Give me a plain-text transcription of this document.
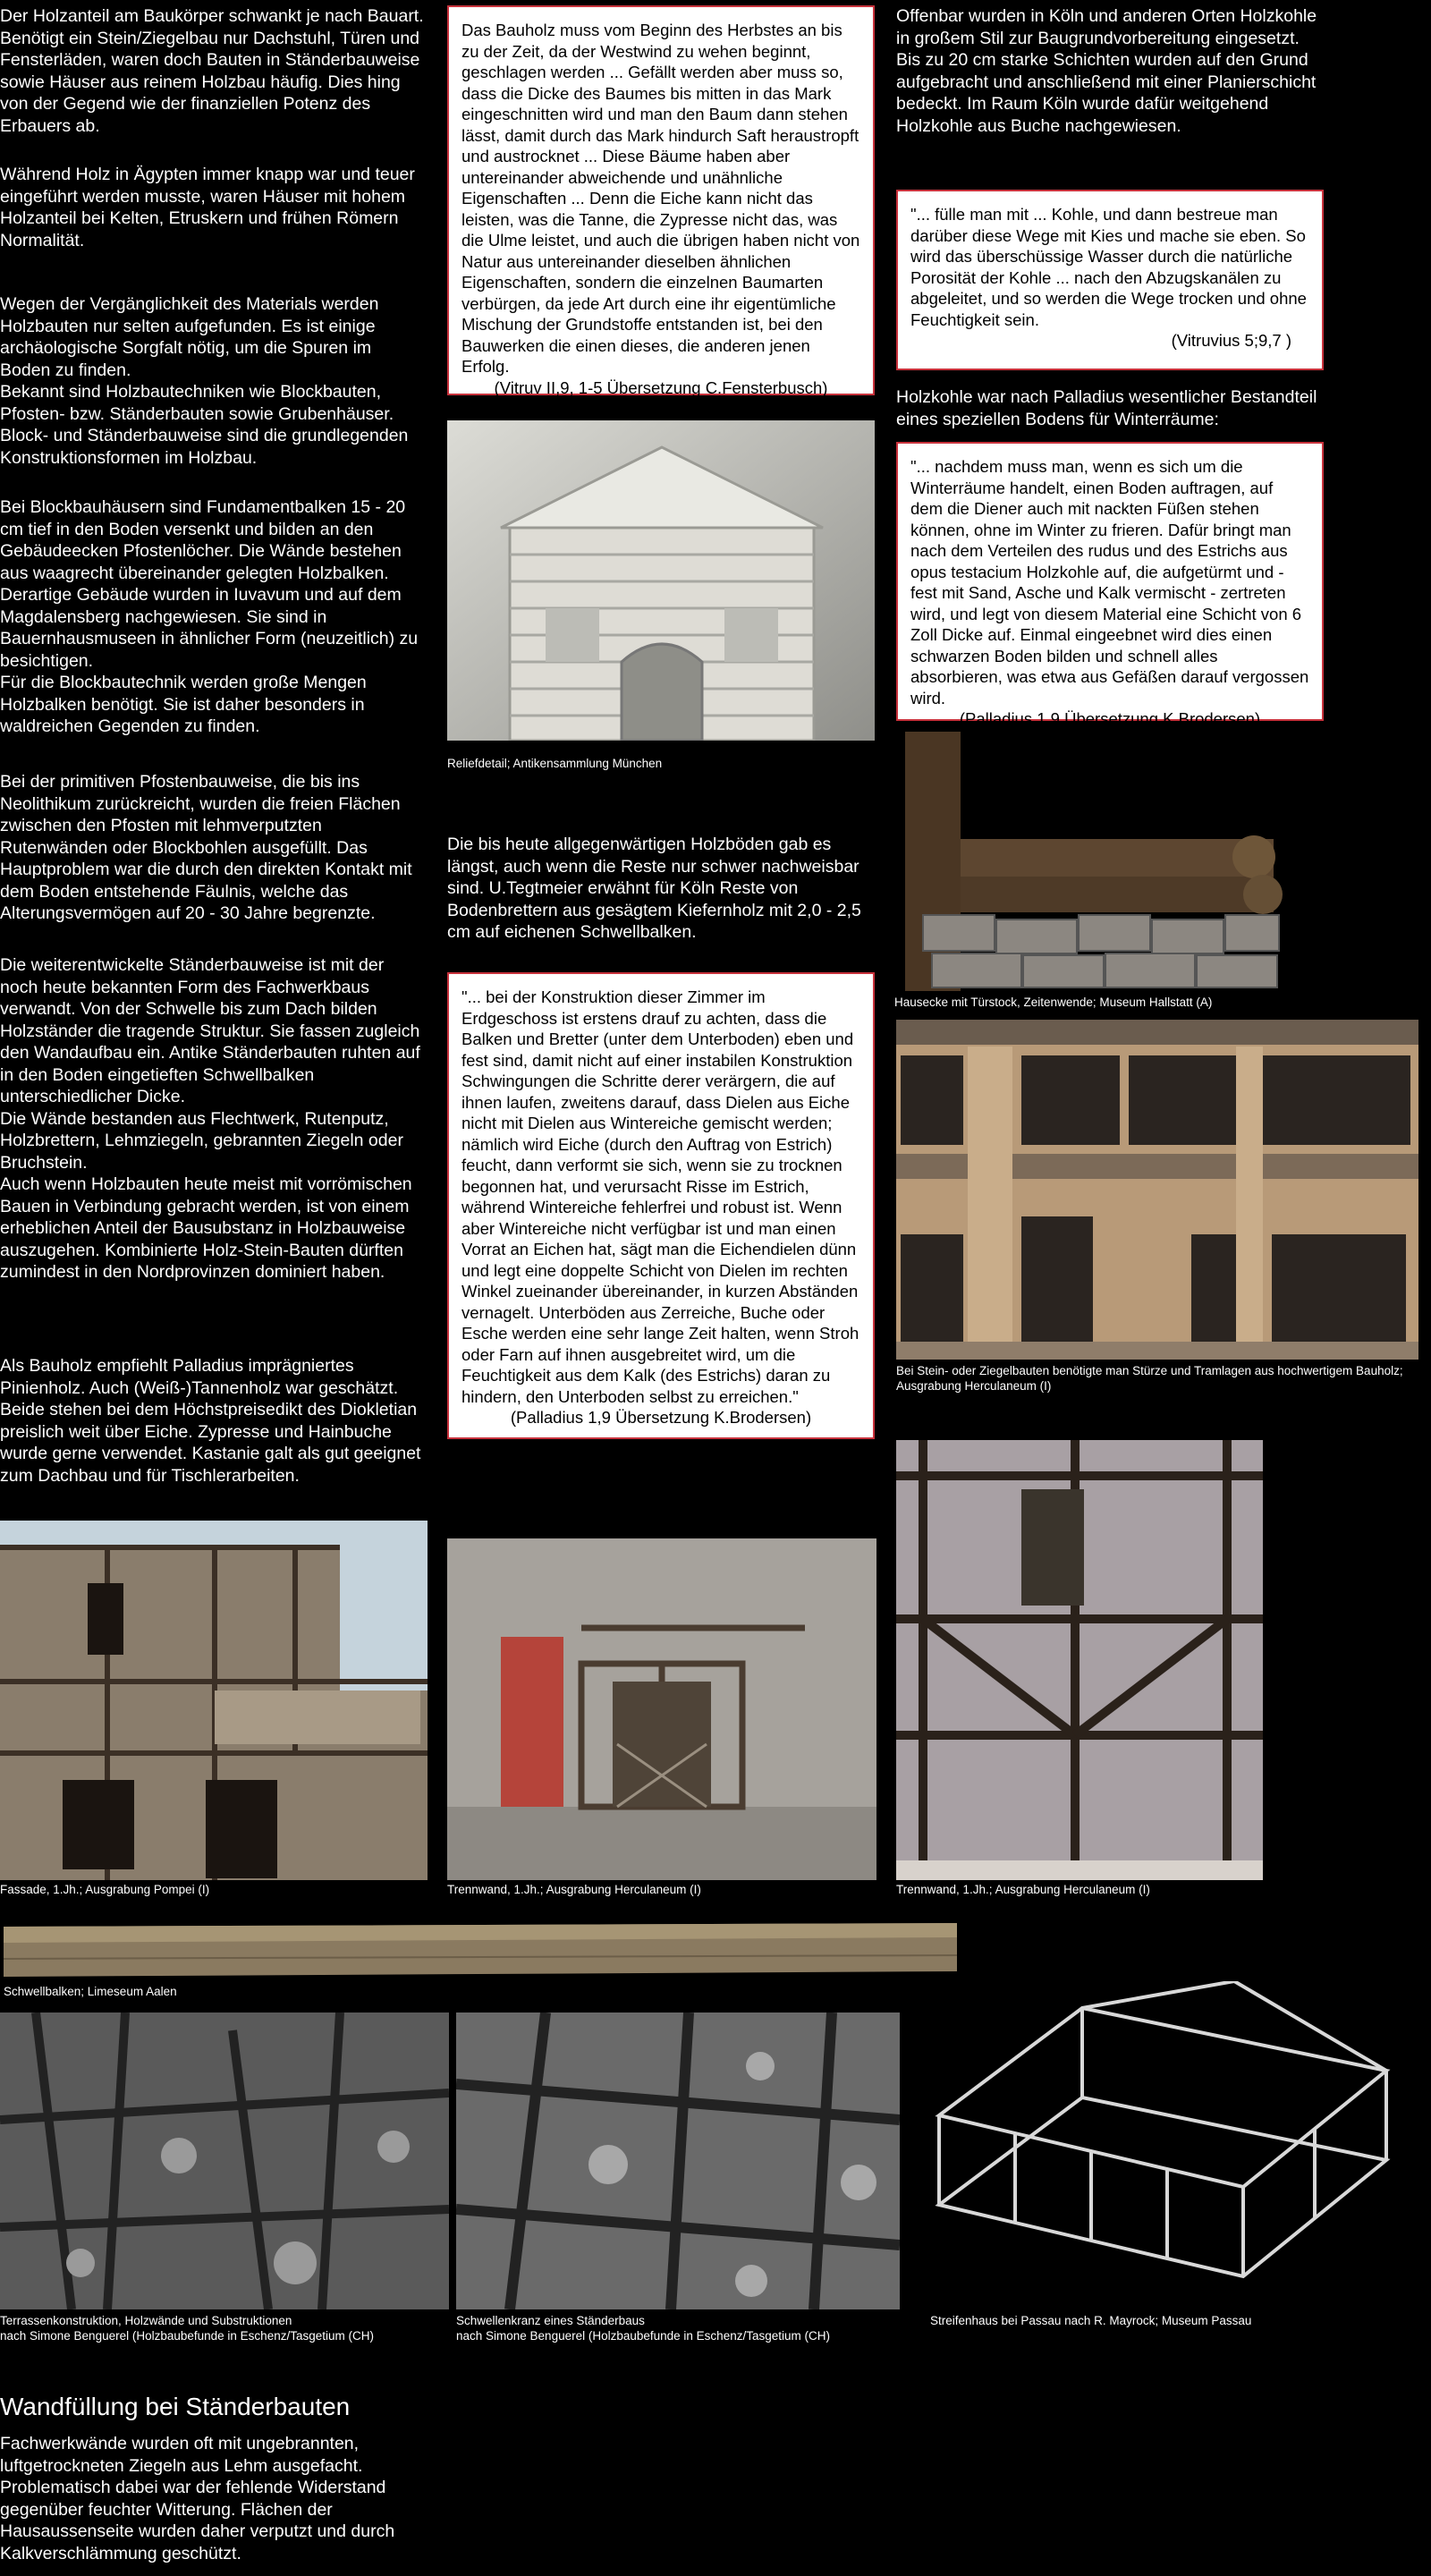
Der Holzanteil am Baukörper schwankt je nach Bauart. Benötigt ein Stein/Ziegelbau nur Dachstuhl, Türen und Fensterläden, waren doch Bauten in Ständerbauweise sowie Häuser aus reinem Holzbau häufig. Dies hing von der Gegend wie der finanziellen Potenz des Erbauers ab.
Während Holz in Ägypten immer knapp war und teuer eingeführt werden musste, waren Häuser mit hohem Holzanteil bei Kelten, Etruskern und frühen Römern Normalität.
Wegen der Vergänglichkeit des Materials werden Holzbauten nur selten aufgefunden. Es ist einige archäologische Sorgfalt nötig, um die Spuren im Boden zu finden.
Bekannt sind Holzbautechniken wie Blockbauten, Pfosten- bzw. Ständerbauten sowie Grubenhäuser. Block- und Ständerbauweise sind die grundlegenden Konstruktionsformen im Holzbau.
Bei Blockbauhäusern sind Fundamentbalken 15 - 20 cm tief in den Boden versenkt und bilden an den Gebäudeecken Pfostenlöcher. Die Wände bestehen aus waagrecht übereinander gelegten Holzbalken. Derartige Gebäude wurden in Iuvavum und auf dem Magdalensberg nachgewiesen. Sie sind in Bauernhausmuseen in ähnlicher Form (neuzeitlich) zu besichtigen.
Für die Blockbautechnik werden große Mengen Holzbalken benötigt. Sie ist daher besonders in waldreichen Gegenden zu finden.
Bei der primitiven Pfostenbauweise, die bis ins Neolithikum zurückreicht, wurden die freien Flächen zwischen den Pfosten mit lehmverputzten Rutenwänden oder Blockbohlen ausgefüllt. Das Hauptproblem war die durch den direkten Kontakt mit dem Boden entstehende Fäulnis, welche das Alterungsvermögen auf 20 - 30 Jahre begrenzte.
Die weiterentwickelte Ständerbauweise ist mit der noch heute bekannten Form des Fachwerkbaus verwandt. Von der Schwelle bis zum Dach bilden Holzständer die tragende Struktur. Sie fassen zugleich den Wandaufbau ein. Antike Ständerbauten ruhten auf in den Boden eingetieften Schwellbalken unterschiedlicher Dicke.
Die Wände bestanden aus Flechtwerk, Rutenputz, Holzbrettern, Lehmziegeln, gebrannten Ziegeln oder Bruchstein.
Auch wenn Holzbauten heute meist mit vorrömischen Bauen in Verbindung gebracht werden, ist von einem erheblichen Anteil der Bausubstanz in Holzbauweise auszugehen. Kombinierte Holz-Stein-Bauten dürften zumindest in den Nordprovinzen dominiert haben.
Als Bauholz empfiehlt Palladius imprägniertes Pinienholz. Auch (Weiß-)Tannenholz war geschätzt. Beide stehen bei dem Höchstpreisedikt des Diokletian preislich weit über Eiche. Zypresse und Hainbuche wurde gerne verwendet. Kastanie galt als gut geeignet zum Dachbau und für Tischlerarbeiten.
Das Bauholz muss vom Beginn des Herbstes an bis zu der Zeit, da der Westwind zu wehen beginnt, geschlagen werden ... Gefällt werden aber muss so, dass die Dicke des Baumes bis mitten in das Mark eingeschnitten wird und man den Baum dann stehen lässt, damit durch das Mark hindurch Saft heraustropft und austrocknet ... Diese Bäume haben aber untereinander abweichende und unähnliche Eigenschaften ... Denn die Eiche kann nicht das leisten, was die Tanne, die Zypresse nicht das, was die Ulme leistet, und auch die übrigen haben nicht von Natur aus untereinander dieselben ähnlichen Eigenschaften, sondern die einzelnen Baumarten verbürgen, da jede Art durch eine ihr eigentümliche Mischung der Grundstoffe entstanden ist, bei den Bauwerken die einen dieses, die anderen jenen Erfolg.

(Vitruv II,9, 1-5 Übersetzung C.Fensterbusch)
Reliefdetail; Antikensammlung München
Die bis heute allgegenwärtigen Holzböden gab es längst, auch wenn die Reste nur schwer nachweisbar sind. U.Tegtmeier erwähnt für Köln Reste von Bodenbrettern aus gesägtem Kiefernholz mit 2,0 - 2,5 cm auf eichenen Schwellbalken.
"... bei der Konstruktion dieser Zimmer im Erdgeschoss ist erstens drauf zu achten, dass die Balken und Bretter (unter dem Unterboden) eben und fest sind, damit nicht auf einer instabilen Konstruktion Schwingungen die Schritte derer verärgern, die auf ihnen laufen, zweitens darauf, dass Dielen aus Eiche nicht mit Dielen aus Wintereiche gemischt werden; nämlich wird Eiche (durch den Auftrag von Estrich) feucht, dann verformt sie sich, wenn sie zu trocknen begonnen hat, und verursacht Risse im Estrich, während Wintereiche fehlerfrei und robust ist. Wenn aber Wintereiche nicht verfügbar ist und man einen Vorrat an Eichen hat, sägt man die Eichendielen dünn und legt eine doppelte Schicht von Dielen im rechten Winkel zueinander übereinander, in kurzen Abständen vernagelt. Unterböden aus Zerreiche, Buche oder Esche werden eine sehr lange Zeit halten, wenn Stroh oder Farn auf ihnen ausgebreitet wird, um die Feuchtigkeit aus dem Kalk (des Estrichs) daran zu hindern, den Unterboden selbst zu erreichen."

(Palladius 1,9 Übersetzung K.Brodersen)
Offenbar wurden in Köln und anderen Orten Holzkohle in großem Stil zur Baugrundvorbereitung eingesetzt. Bis zu 20 cm starke Schichten wurden auf den Grund aufgebracht und anschließend mit einer Planierschicht bedeckt. Im Raum Köln wurde dafür weitgehend Holzkohle aus Buche nachgewiesen.
"... fülle man mit ... Kohle, und dann bestreue man darüber diese Wege mit Kies und mache sie eben. So wird das überschüssige Wasser durch die natürliche Porosität der Kohle ... nach den Abzugskanälen zu abgeleitet, und so werden die Wege trocken und ohne Feuchtigkeit sein.

(Vitruvius 5;9,7 )
Holzkohle war nach Palladius wesentlicher Bestandteil eines speziellen Bodens für Winterräume:
"... nachdem muss man, wenn es sich um die Winterräume handelt, einen Boden auftragen, auf dem die Diener auch mit nackten Füßen stehen können, ohne im Winter zu frieren. Dafür bringt man nach dem Verteilen des rudus und des Estrichs aus opus testacium Holzkohle auf, die aufgetürmt und - fest mit Sand, Asche und Kalk vermischt - zertreten wird, und legt von diesem Material eine Schicht von 6 Zoll Dicke auf. Einmal eingeebnet wird dies einen schwarzen Boden bilden und schnell alles absorbieren, was etwa aus Gefäßen darauf vergossen wird.

(Palladius 1,9 Übersetzung K.Brodersen)
Hausecke mit Türstock, Zeitenwende; Museum Hallstatt (A)
Bei Stein- oder Ziegelbauten benötigte man Stürze und Tramlagen aus hochwertigem Bauholz; Ausgrabung Herculaneum (I)
Fassade, 1.Jh.; Ausgrabung Pompei (I)	Trennwand, 1.Jh.; Ausgrabung Herculaneum (I)	Trennwand, 1.Jh.; Ausgrabung Herculaneum (I)
Schwellbalken; Limeseum Aalen
Terrassenkonstruktion, Holzwände und Substruktionen
nach Simone Benguerel (Holzbaubefunde in Eschenz/Tasgetium (CH)
Schwellenkranz eines Ständerbaus
nach Simone Benguerel (Holzbaubefunde in Eschenz/Tasgetium (CH)
Streifenhaus bei Passau nach R. Mayrock; Museum Passau
Wandfüllung bei Ständerbauten
Fachwerkwände wurden oft mit ungebrannten, luftgetrockneten Ziegeln aus Lehm ausgefacht. Problematisch dabei war der fehlende Widerstand gegenüber feuchter Witterung. Flächen der Hausaussenseite wurden daher verputzt und durch Kalkverschlämmung geschützt.
